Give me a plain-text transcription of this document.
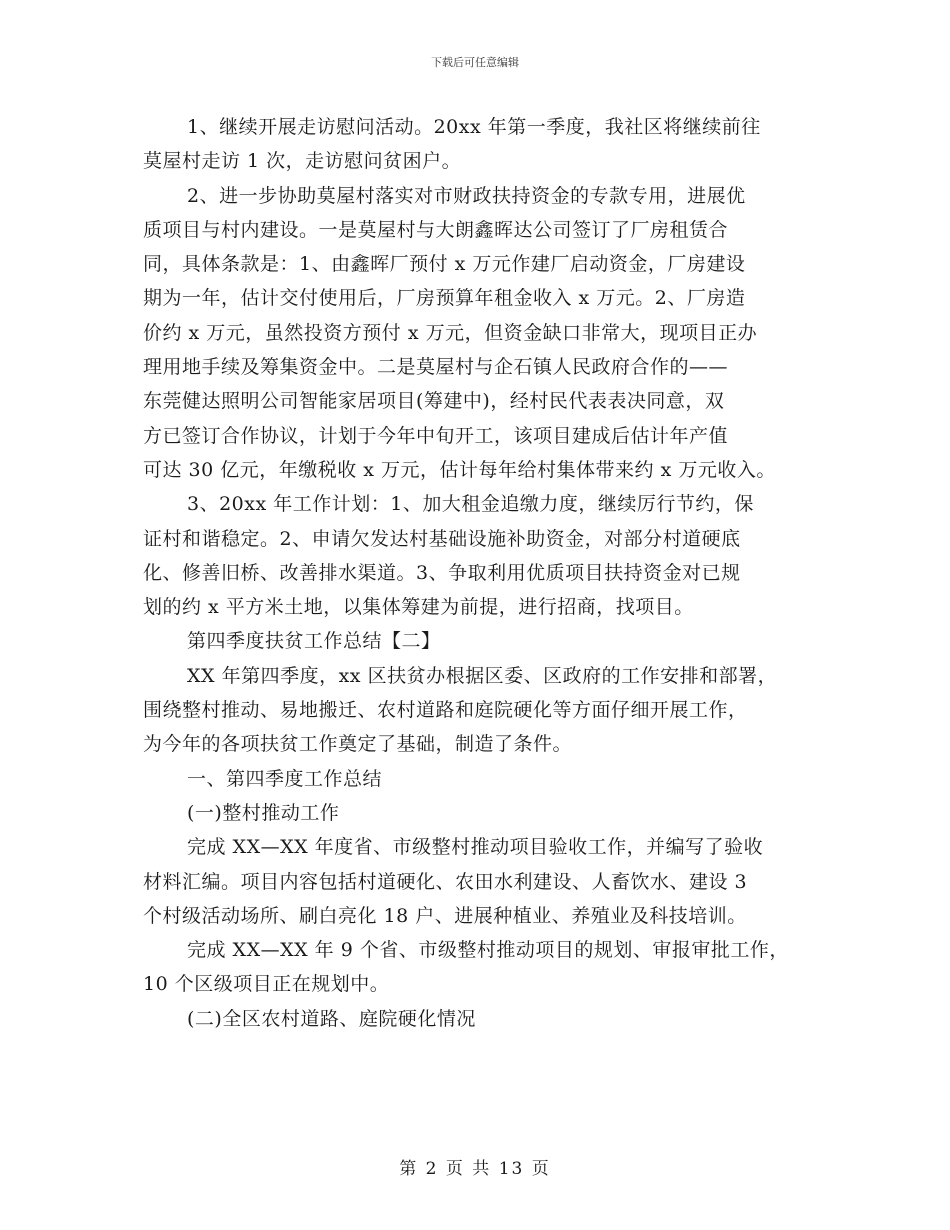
下载后可任意编辑
1、继续开展走访慰问活动。20xx 年第一季度，我社区将继续前往
莫屋村走访 1 次，走访慰问贫困户。
2、进一步协助莫屋村落实对市财政扶持资金的专款专用，进展优
质项目与村内建设。一是莫屋村与大朗鑫晖达公司签订了厂房租赁合
同，具体条款是：1、由鑫晖厂预付 x 万元作建厂启动资金，厂房建设
期为一年，估计交付使用后，厂房预算年租金收入 x 万元。2、厂房造
价约 x 万元，虽然投资方预付 x 万元，但资金缺口非常大，现项目正办
理用地手续及筹集资金中。二是莫屋村与企石镇人民政府合作的——
东莞健达照明公司智能家居项目(筹建中)，经村民代表表决同意，双
方已签订合作协议，计划于今年中旬开工，该项目建成后估计年产值
可达 30 亿元，年缴税收 x 万元，估计每年给村集体带来约 x 万元收入。
3、20xx 年工作计划：1、加大租金追缴力度，继续厉行节约，保
证村和谐稳定。2、申请欠发达村基础设施补助资金，对部分村道硬底
化、修善旧桥、改善排水渠道。3、争取利用优质项目扶持资金对已规
划的约 x 平方米土地，以集体筹建为前提，进行招商，找项目。
第四季度扶贫工作总结【二】
XX 年第四季度，xx 区扶贫办根据区委、区政府的工作安排和部署，
围绕整村推动、易地搬迁、农村道路和庭院硬化等方面仔细开展工作，
为今年的各项扶贫工作奠定了基础，制造了条件。
一、第四季度工作总结
(一)整村推动工作
完成 XX—XX 年度省、市级整村推动项目验收工作，并编写了验收
材料汇编。项目内容包括村道硬化、农田水利建设、人畜饮水、建设 3
个村级活动场所、刷白亮化 18 户、进展种植业、养殖业及科技培训。
完成 XX—XX 年 9 个省、市级整村推动项目的规划、审报审批工作，
10 个区级项目正在规划中。
(二)全区农村道路、庭院硬化情况
第 2 页 共 13 页
